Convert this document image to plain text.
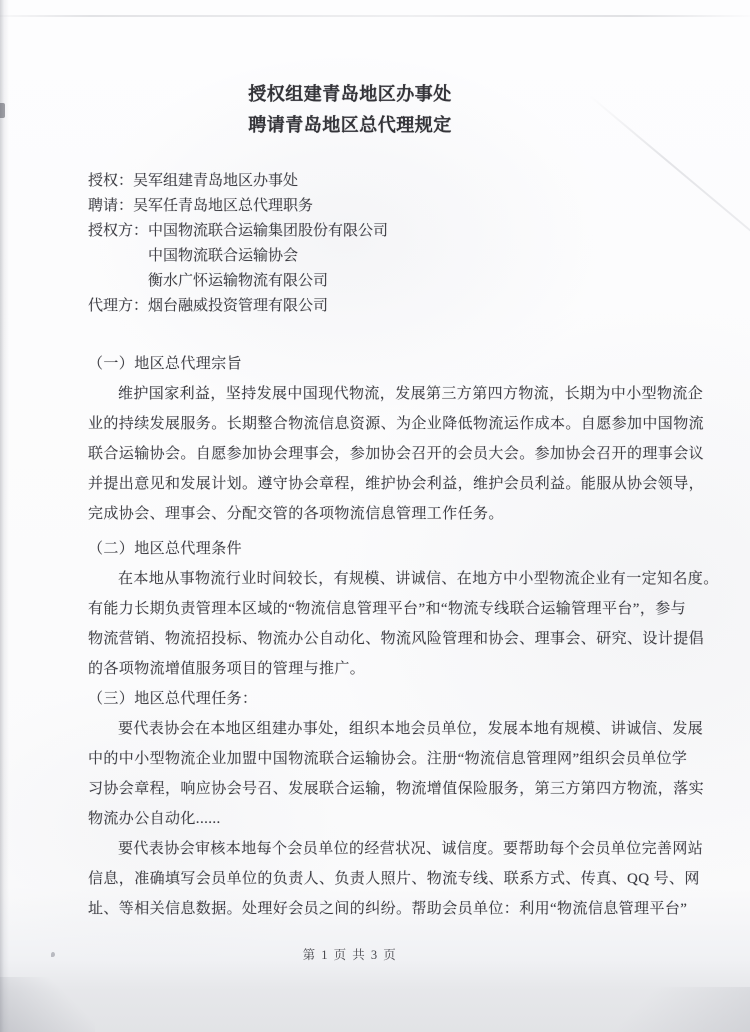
授权组建青岛地区办事处
聘请青岛地区总代理规定
授权：吴军组建青岛地区办事处
聘请：吴军任青岛地区总代理职务
授权方：中国物流联合运输集团股份有限公司
中国物流联合运输协会
衡水广怀运输物流有限公司
代理方：烟台融威投资管理有限公司
（一）地区总代理宗旨
维护国家利益，坚持发展中国现代物流，发展第三方第四方物流，长期为中小型物流企
业的持续发展服务。长期整合物流信息资源、为企业降低物流运作成本。自愿参加中国物流
联合运输协会。自愿参加协会理事会，参加协会召开的会员大会。参加协会召开的理事会议
并提出意见和发展计划。遵守协会章程，维护协会利益，维护会员利益。能服从协会领导，
完成协会、理事会、分配交管的各项物流信息管理工作任务。
（二）地区总代理条件
在本地从事物流行业时间较长，有规模、讲诚信、在地方中小型物流企业有一定知名度。
有能力长期负责管理本区域的“物流信息管理平台”和“物流专线联合运输管理平台”，参与
物流营销、物流招投标、物流办公自动化、物流风险管理和协会、理事会、研究、设计提倡
的各项物流增值服务项目的管理与推广。
（三）地区总代理任务：
要代表协会在本地区组建办事处，组织本地会员单位，发展本地有规模、讲诚信、发展
中的中小型物流企业加盟中国物流联合运输协会。注册“物流信息管理网”组织会员单位学
习协会章程，响应协会号召、发展联合运输，物流增值保险服务，第三方第四方物流，落实
物流办公自动化......
要代表协会审核本地每个会员单位的经营状况、诚信度。要帮助每个会员单位完善网站
信息，准确填写会员单位的负责人、负责人照片、物流专线、联系方式、传真、QQ 号、网
址、等相关信息数据。处理好会员之间的纠纷。帮助会员单位：利用“物流信息管理平台”
第 1 页 共 3 页
